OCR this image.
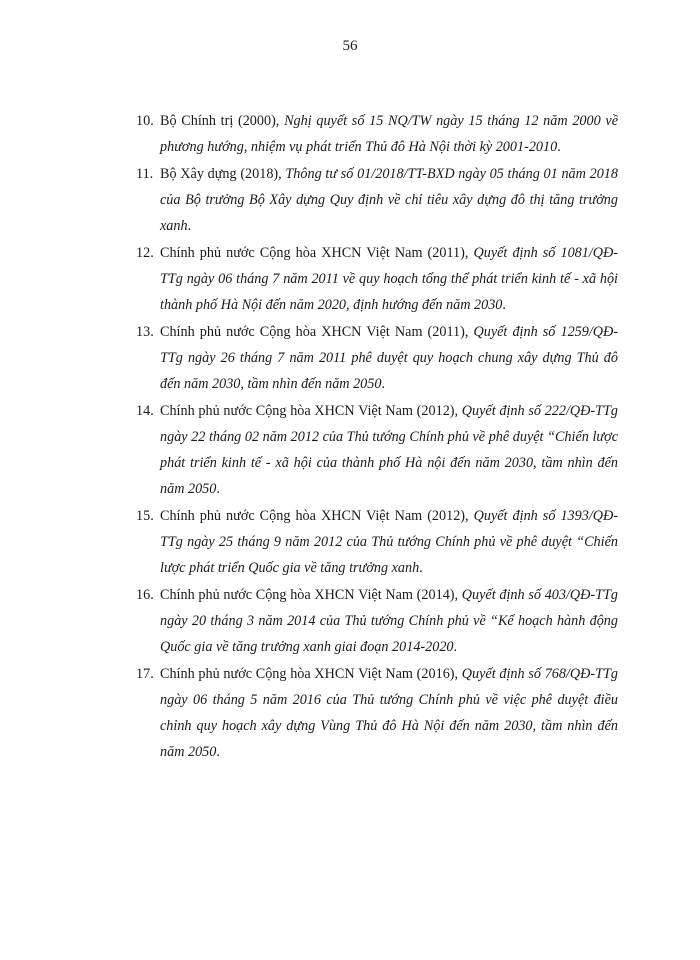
56
10. Bộ Chính trị (2000), Nghị quyết số 15 NQ/TW ngày 15 tháng 12 năm 2000 về phương hướng, nhiệm vụ phát triển Thủ đô Hà Nội thời kỳ 2001-2010.
11. Bộ Xây dựng (2018), Thông tư số 01/2018/TT-BXD ngày 05 tháng 01 năm 2018 của Bộ trưởng Bộ Xây dựng Quy định về chỉ tiêu xây dựng đô thị tăng trưởng xanh.
12. Chính phủ nước Cộng hòa XHCN Việt Nam (2011), Quyết định số 1081/QĐ-TTg ngày 06 tháng 7 năm 2011 về quy hoạch tổng thể phát triển kinh tế - xã hội thành phố Hà Nội đến năm 2020, định hướng đến năm 2030.
13. Chính phủ nước Cộng hòa XHCN Việt Nam (2011), Quyết định số 1259/QĐ-TTg ngày 26 tháng 7 năm 2011 phê duyệt quy hoạch chung xây dựng Thủ đô đến năm 2030, tầm nhìn đến năm 2050.
14. Chính phủ nước Cộng hòa XHCN Việt Nam (2012), Quyết định số 222/QĐ-TTg ngày 22 tháng 02 năm 2012 của Thủ tướng Chính phủ về phê duyệt “Chiến lược phát triển kinh tế - xã hội của thành phố Hà nội đến năm 2030, tầm nhìn đến năm 2050.
15. Chính phủ nước Cộng hòa XHCN Việt Nam (2012), Quyết định số 1393/QĐ-TTg ngày 25 tháng 9 năm 2012 của Thủ tướng Chính phủ về phê duyệt “Chiến lược phát triển Quốc gia về tăng trưởng xanh.
16. Chính phủ nước Cộng hòa XHCN Việt Nam (2014), Quyết định số 403/QĐ-TTg ngày 20 tháng 3 năm 2014 của Thủ tướng Chính phủ về “Kế hoạch hành động Quốc gia về tăng trưởng xanh giai đoạn 2014-2020.
17. Chính phủ nước Cộng hòa XHCN Việt Nam (2016), Quyết định số 768/QĐ-TTg ngày 06 tháng 5 năm 2016 của Thủ tướng Chính phủ về việc phê duyệt điều chỉnh quy hoạch xây dựng Vùng Thủ đô Hà Nội đến năm 2030, tầm nhìn đến năm 2050.
